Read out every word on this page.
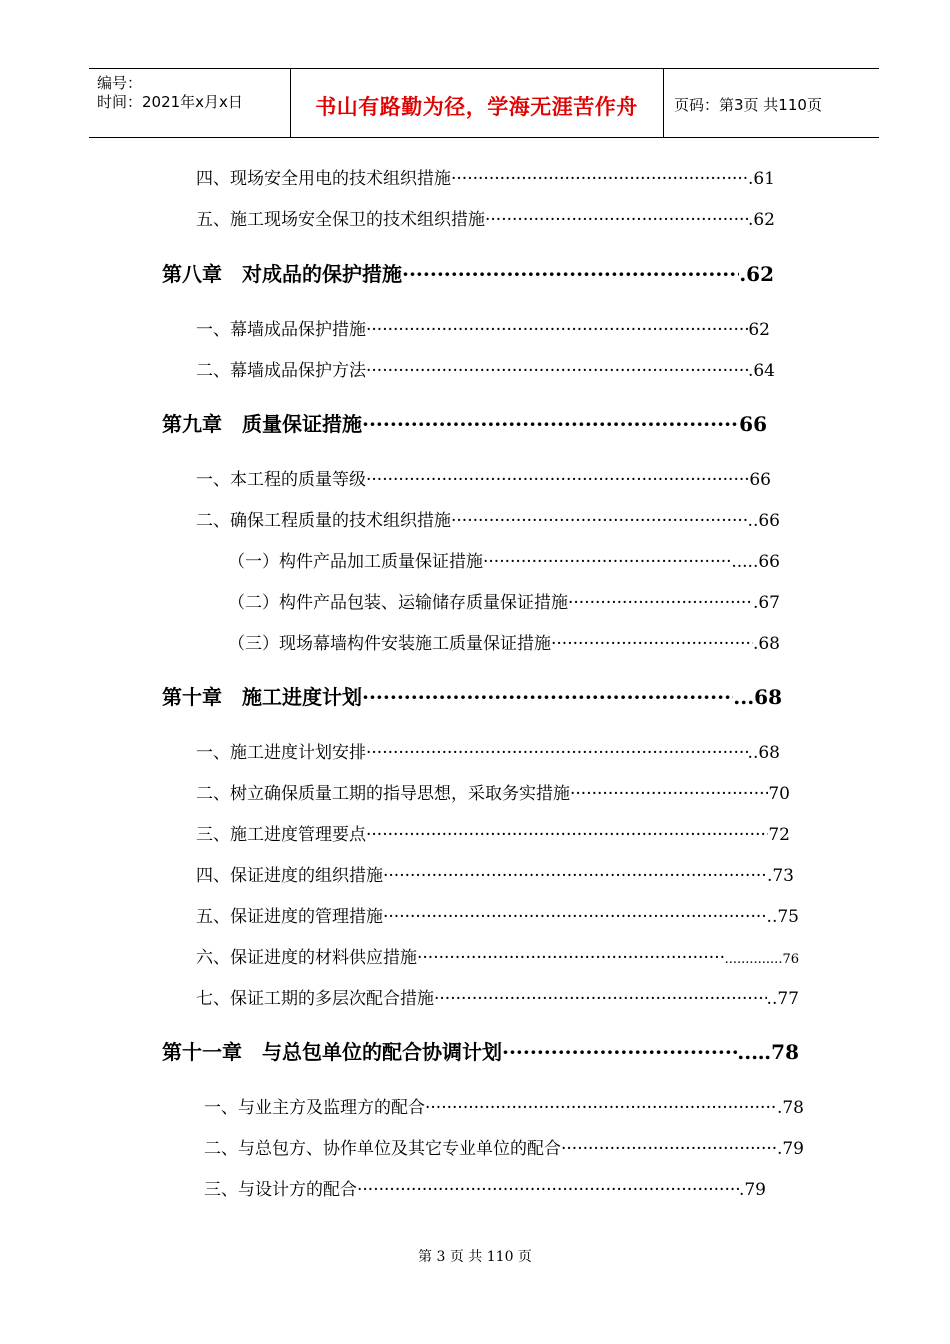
编号：
时间：2021年x月x日	书山有路勤为径，学海无涯苦作舟	页码：第3页 共110页
四、现场安全用电的技术组织措施 ·····	.61
五、施工现场安全保卫的技术组织措施 ·····	.62
第八章　对成品的保护措施 ·····	.62
一、幕墙成品保护措施 ·····	62
二、幕墙成品保护方法 ·····	.64
第九章　质量保证措施 ·····	66
一、本工程的质量等级 ·····	66
二、确保工程质量的技术组织措施 ·····	..66
（一）构件产品加工质量保证措施 ·····	.....66
（二）构件产品包装、运输储存质量保证措施 ·····	.67
（三）现场幕墙构件安装施工质量保证措施 ·····	.68
第十章　施工进度计划 ·····	...68
一、施工进度计划安排 ·····	..68
二、树立确保质量工期的指导思想，采取务实措施 ·····	70
三、施工进度管理要点 ·····	72
四、保证进度的组织措施 ·····	.73
五、保证进度的管理措施 ·····	..75
六、保证进度的材料供应措施 ·····	..............76
七、保证工期的多层次配合措施 ·····	..77
第十一章　与总包单位的配合协调计划 ·····	..…78
一、与业主方及监理方的配合 ·····	.78
二、与总包方、协作单位及其它专业单位的配合 ·····	.79
三、与设计方的配合 ·····	.79
第 3 页 共 110 页
